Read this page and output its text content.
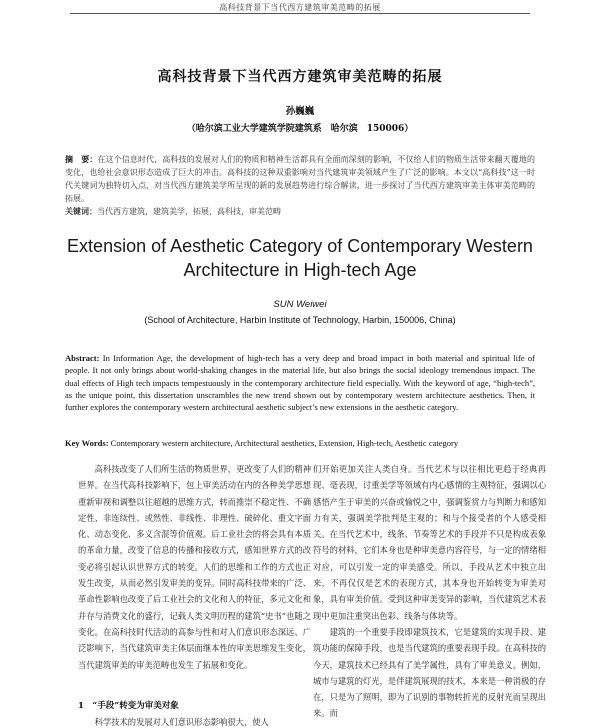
高科技背景下当代西方建筑审美范畴的拓展
高科技背景下当代西方建筑审美范畴的拓展
孙巍巍
（哈尔滨工业大学建筑学院建筑系　哈尔滨　150006）
摘　要：在这个信息时代，高科技的发展对人们的物质和精神生活都具有全面而深刻的影响，不仅给人们的物质生活带来翻天覆地的变化，也给社会意识形态造成了巨大的冲击。高科技的这种双重影响对当代建筑审美领域产生了广泛的影响。本文以“高科技”这一时代关键词为独特切入点，对当代西方建筑美学所呈现的新的发展趋势进行综合解读，进一步探讨了当代西方建筑审美主体审美范畴的拓展。
关键词：当代西方建筑，建筑美学，拓展，高科技，审美范畴
Extension of Aesthetic Category of Contemporary Western
Architecture in High-tech Age
SUN Weiwei
(School of Architecture, Harbin Institute of Technology, Harbin, 150006, China)
Abstract: In Information Age, the development of high-tech has a very deep and broad impact in both material and spiritual life of people. It not only brings about world-shaking changes in the material life, but also brings the social ideology tremendous impact. The dual effects of High tech impacts tempestuously in the contemporary architecture field especially. With the keyword of age, “high-tech”, as the unique point, this dissertation unscrambles the new trend shown out by contemporary western architecture aesthetics. Then, it further explores the contemporary western architectural aesthetic subject’s new extensions in the aesthetic category.
Key Words: Contemporary western architecture, Architectural aesthetics, Extension, High-tech, Aesthetic category

高科技改变了人们所生活的物质世界，更改变了人们的精神世界。在当代高科技影响下，包上审美活动在内的各种美学思想重新审视和调整以往超越的思维方式，转而推崇不稳定性、不确定性、非连续性、或然性、非线性、非理性、破碎化、重文字面化、动态变化、多义含混等价值观。后工业社会的将会具有本质的革命力量，改变了信息的传播和接收方式，感知世界方式的改变必将引起认识世界方式的转变。人们的思维和工作的方式也正发生改变，从而必然引发审美的变异。同时高科技带来的广泛、革命性影响也改变了后工业社会的文化和人的特征，多元文化和并存与消费文化的盛行，记载人类文明历程的建筑“史书”也随之变化。在高科技时代活动的高参与性和对人们意识形态深远、广泛影响下，当代建筑审美主体层面继本性的审美思维发生变化，当代建筑审美的审美范畴也发生了拓展和变化。

1　“手段”转变为审美对象
科学技术的发展对人们意识形态影响很大，使人

们开始更加关注人类自身。当代艺术与以往相比更趋于经典再现、毫表现，讨重美学等领域有内心感情的主观特征，强调以心感悟产生于审美的兴奋或愉悦之中，强调鉴赏力与判断力和感知力有关，强调美学批判是主观的；和与个接受者的个人感受相关。在当代艺术中，线条、节奏等艺术的手段并不只是构成表象符号的材料，它们本身也是种审美意内容符号，与一定的情绪相对应，可以引发一定的审美感受。所以，手段从艺术中独立出来，不再仅仅是艺术的表现方式，其本身也开始转变为审美对象，具有审美价值。受到这种审美变异的影响，当代建筑艺术表现中更加注重突出色彩、线条与体块等。

建筑的一个重要手段即建筑技术，它是建筑的实现手段、建筑功能的保障手段，也是当代建筑的重要表现手段。在高科技的今天，建筑技术已经具有了美学属性，具有了审美意义。例如，城市与建筑的灯光，是伴建筑展现的技术，本来是一种消极的存在，只是为了照明，即为了识别的事物转折光的反射光而呈现出来。而
